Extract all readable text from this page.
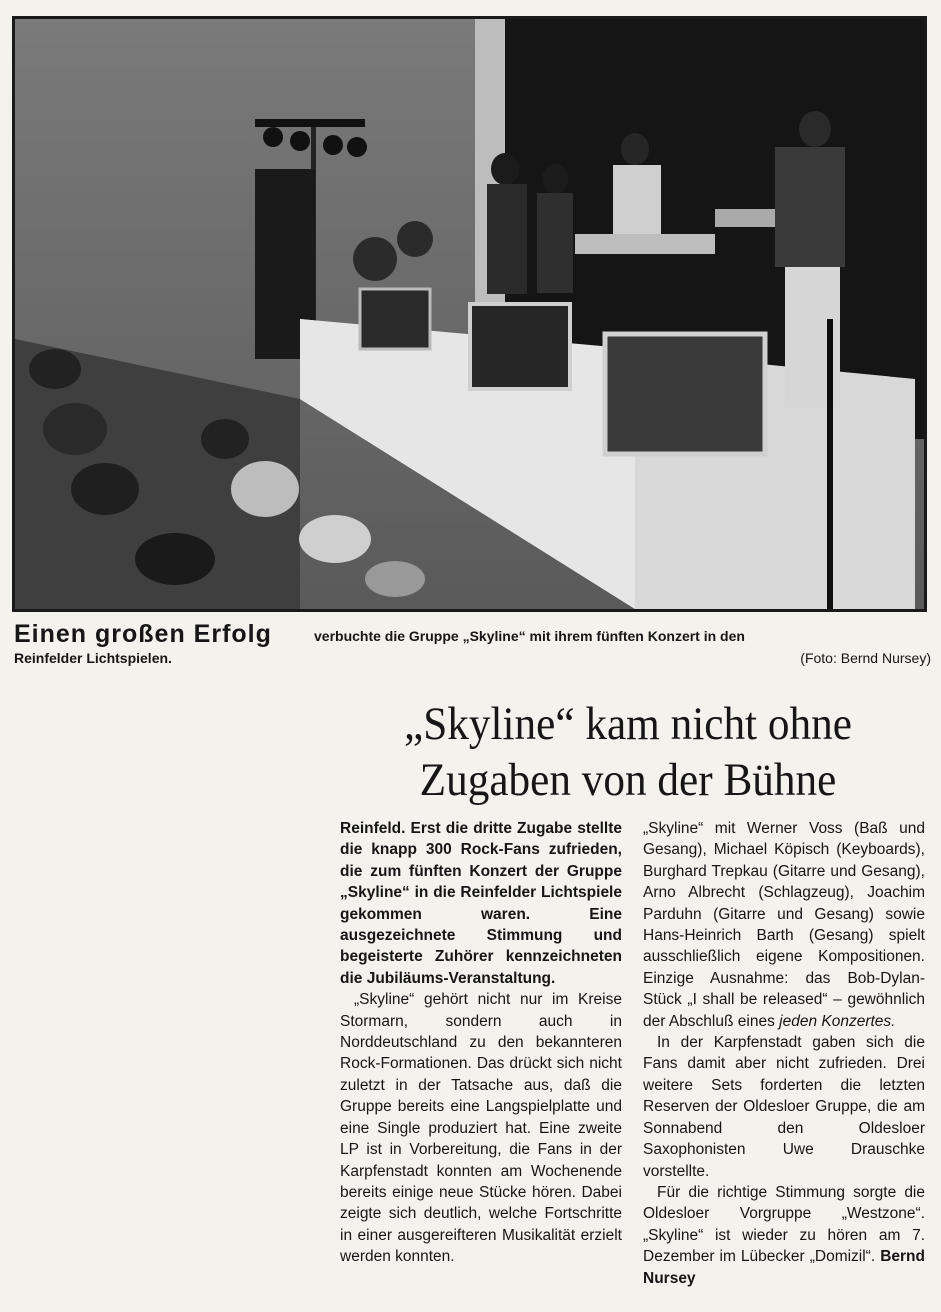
Einen großen Erfolg	verbuchte die Gruppe „Skyline“ mit ihrem fünften Konzert in den
Reinfelder Lichtspielen.	(Foto: Bernd Nursey)
„Skyline“ kam nicht ohne
Zugaben von der Bühne

Reinfeld. Erst die dritte Zugabe stellte die knapp 300 Rock-Fans zufrieden, die zum fünften Konzert der Gruppe „Skyline“ in die Reinfelder Lichtspiele gekommen waren. Eine ausgezeichnete Stimmung und begeisterte Zuhörer kennzeichneten die Jubiläums-Veranstaltung.

„Skyline“ gehört nicht nur im Kreise Stormarn, sondern auch in Norddeutschland zu den bekannteren Rock-Formationen. Das drückt sich nicht zuletzt in der Tatsache aus, daß die Gruppe bereits eine Langspielplatte und eine Single produziert hat. Eine zweite LP ist in Vorbereitung, die Fans in der Karpfenstadt konnten am Wochenende bereits einige neue Stücke hören. Dabei zeigte sich deutlich, welche Fortschritte in einer ausgereifteren Musikalität erzielt werden konnten.

„Skyline“ mit Werner Voss (Baß und Gesang), Michael Köpisch (Keyboards), Burghard Trepkau (Gitarre und Gesang), Arno Albrecht (Schlagzeug), Joachim Parduhn (Gitarre und Gesang) sowie Hans-Heinrich Barth (Gesang) spielt ausschließlich eigene Kompositionen. Einzige Ausnahme: das Bob-Dylan-Stück „I shall be released“ – gewöhnlich der Abschluß eines jeden Konzertes.

In der Karpfenstadt gaben sich die Fans damit aber nicht zufrieden. Drei weitere Sets forderten die letzten Reserven der Oldesloer Gruppe, die am Sonnabend den Oldesloer Saxophonisten Uwe Drauschke vorstellte.

Für die richtige Stimmung sorgte die Oldesloer Vorgruppe „Westzone“. „Skyline“ ist wieder zu hören am 7. Dezember im Lübecker „Domizil“. Bernd Nursey
